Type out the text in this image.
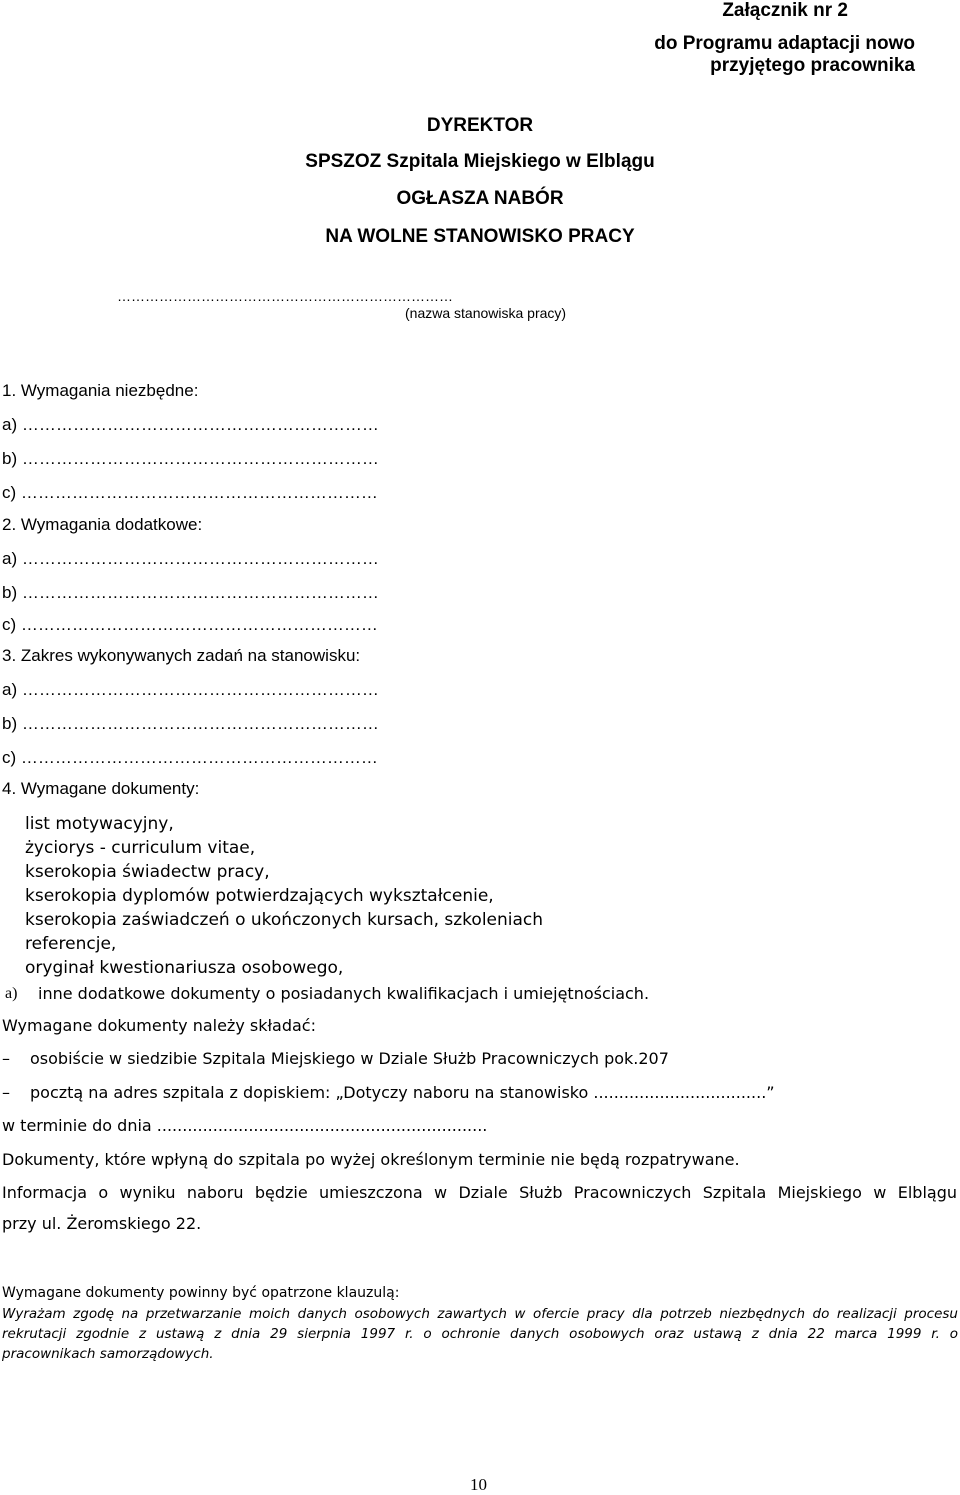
Załącznik nr 2
do Programu adaptacji nowo
przyjętego pracownika
DYREKTOR
SPSZOZ Szpitala Miejskiego w Elblągu
OGŁASZA NABÓR
NA WOLNE STANOWISKO PRACY
………………………………………………………………
(nazwa stanowiska pracy)
1. Wymagania niezbędne:
a) ………………………………………………………
b) ………………………………………………………
c) ………………………………………………………
2. Wymagania dodatkowe:
a) ………………………………………………………
b) ………………………………………………………
c) ………………………………………………………
3. Zakres wykonywanych zadań na stanowisku:
a) ………………………………………………………
b) ………………………………………………………
c) ………………………………………………………
4. Wymagane dokumenty:
list motywacyjny,
życiorys - curriculum vitae,
kserokopia świadectw pracy,
kserokopia dyplomów potwierdzających wykształcenie,
kserokopia zaświadczeń o ukończonych kursach, szkoleniach
referencje,
oryginał kwestionariusza osobowego,
a) inne dodatkowe dokumenty o posiadanych kwalifikacjach i umiejętnościach.
Wymagane dokumenty należy składać:
– osobiście w siedzibie Szpitala Miejskiego w Dziale Służb Pracowniczych pok.207
– pocztą na adres szpitala z dopiskiem: „Dotyczy naboru na stanowisko ..................................”
w terminie do dnia .................................................................
Dokumenty, które wpłyną do szpitala po wyżej określonym terminie nie będą rozpatrywane.
Informacja o wyniku naboru będzie umieszczona w Dziale Służb Pracowniczych Szpitala Miejskiego w Elblągu
przy ul. Żeromskiego 22.
Wymagane dokumenty powinny być opatrzone klauzulą:
Wyrażam zgodę na przetwarzanie moich danych osobowych zawartych w ofercie pracy dla potrzeb niezbędnych do realizacji procesu
rekrutacji zgodnie z ustawą z dnia 29 sierpnia 1997 r. o ochronie danych osobowych oraz ustawą z dnia 22 marca 1999 r. o
pracownikach samorządowych.
10
